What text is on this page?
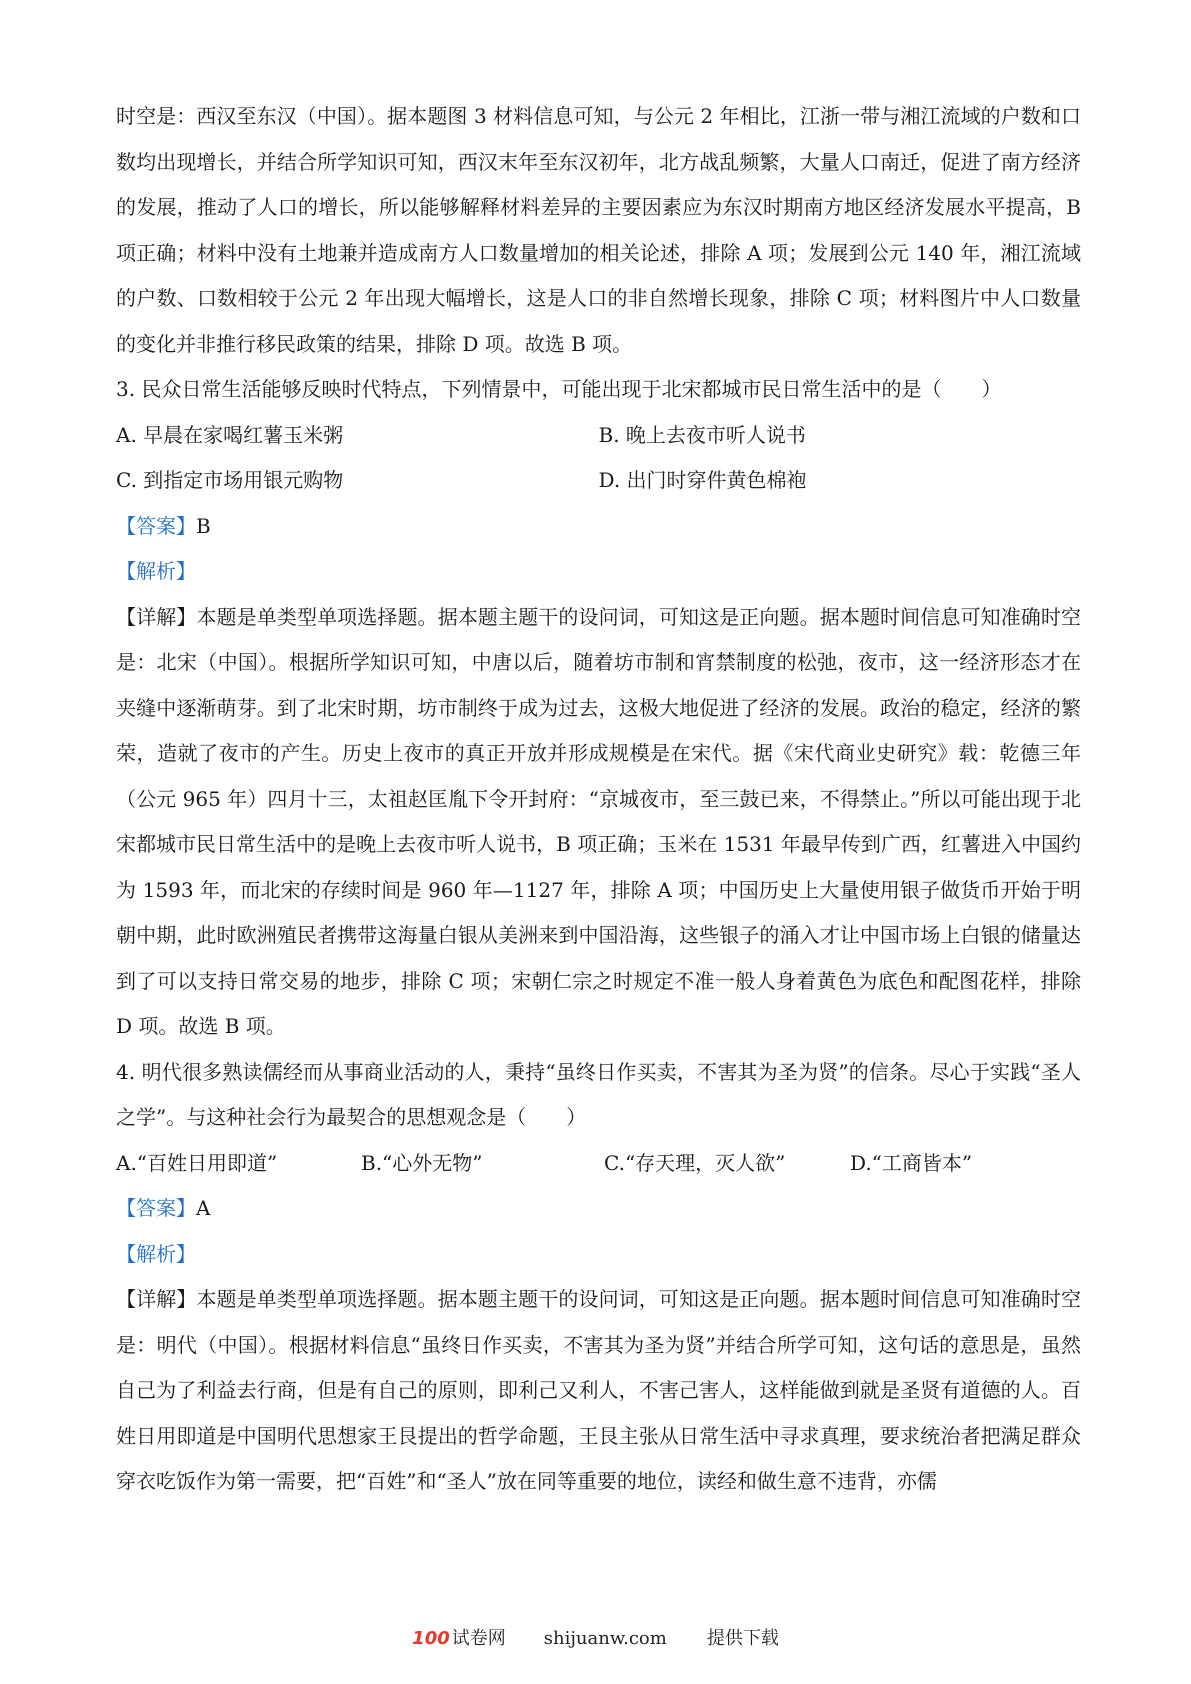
时空是：西汉至东汉（中国）。据本题图 3 材料信息可知，与公元 2 年相比，江浙一带与湘江流域的户数和口数均出现增长，并结合所学知识可知，西汉末年至东汉初年，北方战乱频繁，大量人口南迁，促进了南方经济的发展，推动了人口的增长，所以能够解释材料差异的主要因素应为东汉时期南方地区经济发展水平提高，B 项正确；材料中没有土地兼并造成南方人口数量增加的相关论述，排除 A 项；发展到公元 140 年，湘江流域的户数、口数相较于公元 2 年出现大幅增长，这是人口的非自然增长现象，排除 C 项；材料图片中人口数量的变化并非推行移民政策的结果，排除 D 项。故选 B 项。

3. 民众日常生活能够反映时代特点，下列情景中，可能出现于北宋都城市民日常生活中的是（　　）

A. 早晨在家喝红薯玉米粥	B. 晚上去夜市听人说书
C. 到指定市场用银元购物	D. 出门时穿件黄色棉袍

【答案】B

【解析】

【详解】本题是单类型单项选择题。据本题主题干的设问词，可知这是正向题。据本题时间信息可知准确时空是：北宋（中国）。根据所学知识可知，中唐以后，随着坊市制和宵禁制度的松弛，夜市，这一经济形态才在夹缝中逐渐萌芽。到了北宋时期，坊市制终于成为过去，这极大地促进了经济的发展。政治的稳定，经济的繁荣，造就了夜市的产生。历史上夜市的真正开放并形成规模是在宋代。据《宋代商业史研究》载：乾德三年（公元 965 年）四月十三，太祖赵匡胤下令开封府：“京城夜市，至三鼓已来，不得禁止。”所以可能出现于北宋都城市民日常生活中的是晚上去夜市听人说书，B 项正确；玉米在 1531 年最早传到广西，红薯进入中国约为 1593 年，而北宋的存续时间是 960 年—1127 年，排除 A 项；中国历史上大量使用银子做货币开始于明朝中期，此时欧洲殖民者携带这海量白银从美洲来到中国沿海，这些银子的涌入才让中国市场上白银的储量达到了可以支持日常交易的地步，排除 C 项；宋朝仁宗之时规定不准一般人身着黄色为底色和配图花样，排除 D 项。故选 B 项。

4. 明代很多熟读儒经而从事商业活动的人，秉持“虽终日作买卖，不害其为圣为贤”的信条。尽心于实践“圣人之学”。与这种社会行为最契合的思想观念是（　　）

A.“百姓日用即道”	B.“心外无物”	C.“存天理，灭人欲”	D.“工商皆本”

【答案】A

【解析】

【详解】本题是单类型单项选择题。据本题主题干的设问词，可知这是正向题。据本题时间信息可知准确时空是：明代（中国）。根据材料信息“虽终日作买卖，不害其为圣为贤”并结合所学可知，这句话的意思是，虽然自己为了利益去行商，但是有自己的原则，即利己又利人，不害己害人，这样能做到就是圣贤有道德的人。百姓日用即道是中国明代思想家王艮提出的哲学命题，王艮主张从日常生活中寻求真理，要求统治者把满足群众穿衣吃饭作为第一需要，把“百姓”和“圣人”放在同等重要的地位，读经和做生意不违背，亦儒

100 试卷网 shijuanw.com 提供下载
